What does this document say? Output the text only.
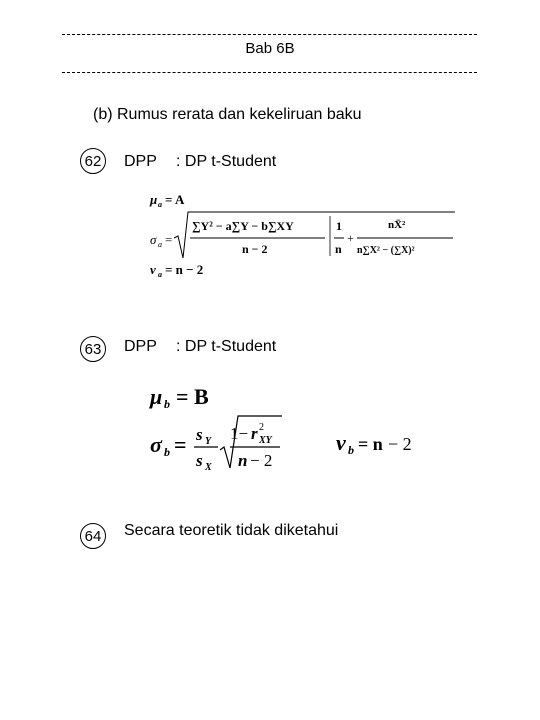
Bab 6B
(b) Rumus rerata dan kekeliruan baku
62 DPP : DP t-Student
μ a = A
σ a =
∑Y² − a∑Y − b∑XY
n − 2
1
n
+
nX̄²
n∑X² − (∑X)²
ν a = n − 2
63 DPP : DP t-Student
μ b = B
σ b = s Y
s X
1− r 2
XY
n − 2
ν b = n − 2
64 Secara teoretik tidak diketahui
